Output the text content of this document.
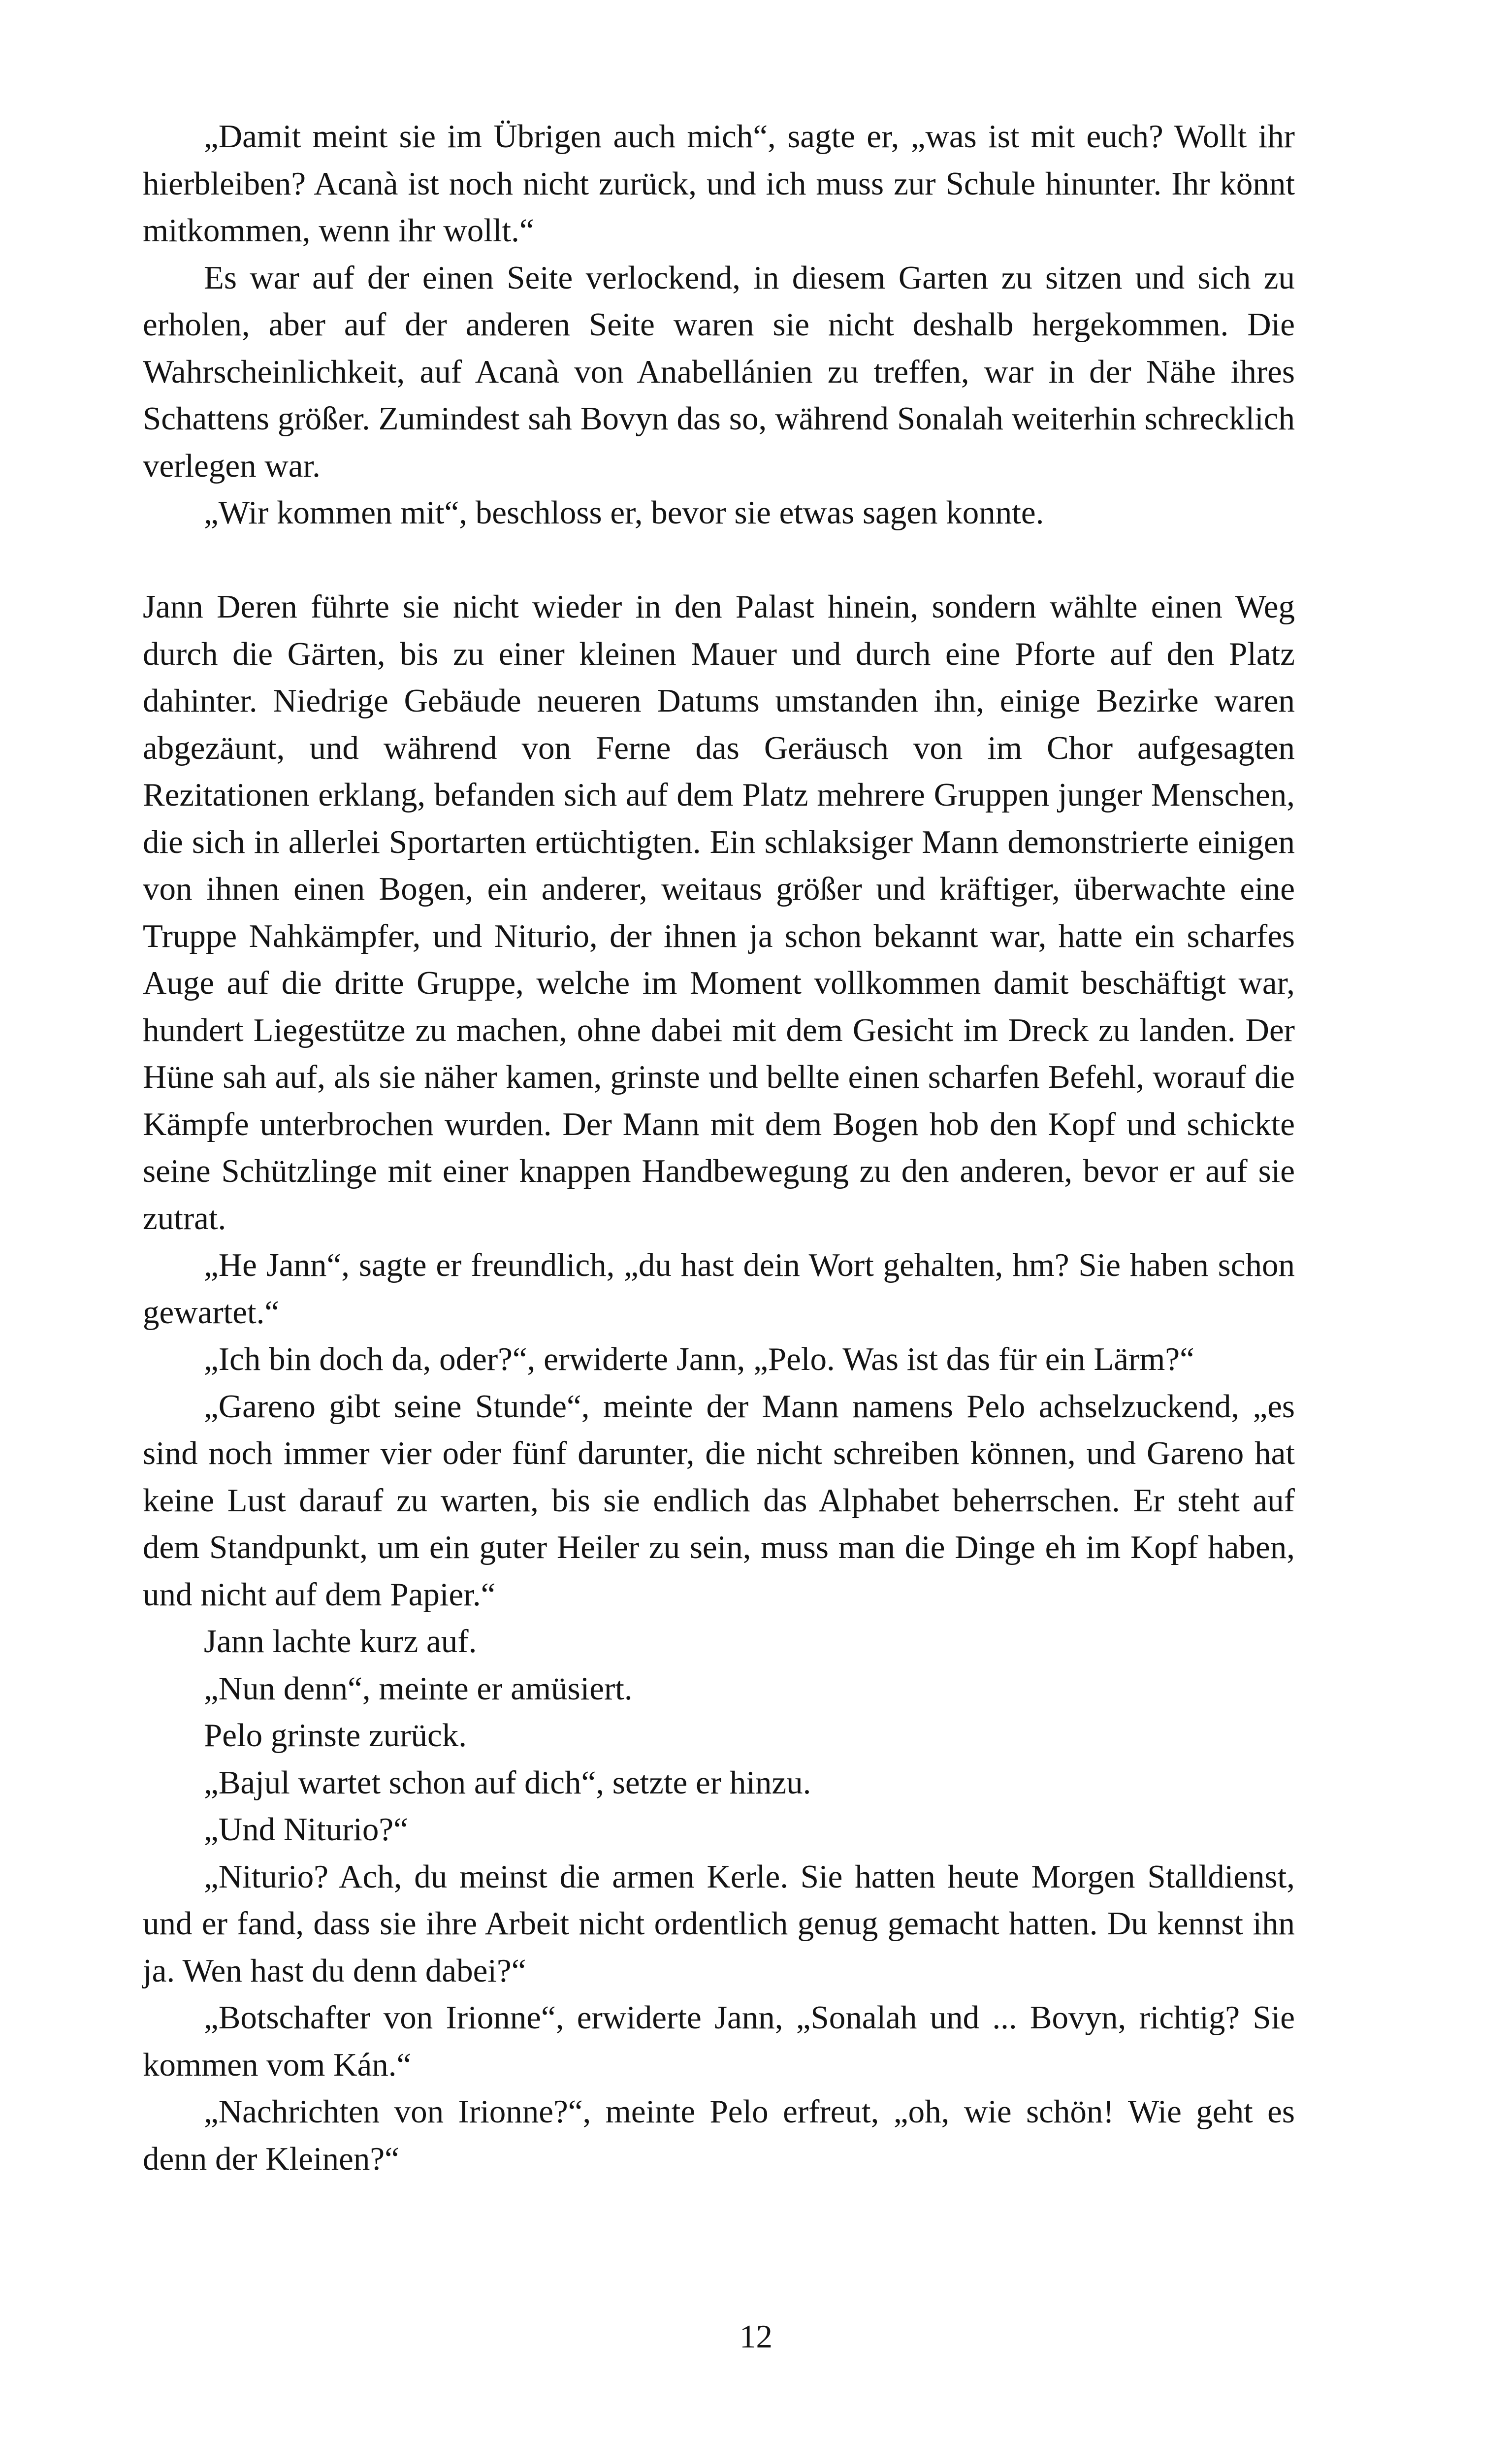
„Damit meint sie im Übrigen auch mich“, sagte er, „was ist mit euch? Wollt ihr hierbleiben? Acanà ist noch nicht zurück, und ich muss zur Schule hinunter. Ihr könnt mitkommen, wenn ihr wollt.“

Es war auf der einen Seite verlockend, in diesem Garten zu sitzen und sich zu erholen, aber auf der anderen Seite waren sie nicht deshalb hergekommen. Die Wahrscheinlichkeit, auf Acanà von Anabellánien zu treffen, war in der Nähe ihres Schattens größer. Zumindest sah Bovyn das so, während Sonalah weiterhin schrecklich verlegen war.

„Wir kommen mit“, beschloss er, bevor sie etwas sagen konnte.

Jann Deren führte sie nicht wieder in den Palast hinein, sondern wählte einen Weg durch die Gärten, bis zu einer kleinen Mauer und durch eine Pforte auf den Platz dahinter. Niedrige Gebäude neueren Datums umstanden ihn, einige Bezirke waren abgezäunt, und während von Ferne das Geräusch von im Chor aufgesagten Rezitationen erklang, befanden sich auf dem Platz mehrere Gruppen junger Menschen, die sich in allerlei Sportarten ertüchtigten. Ein schlaksiger Mann demonstrierte einigen von ihnen einen Bogen, ein anderer, weitaus größer und kräftiger, überwachte eine Truppe Nahkämpfer, und Niturio, der ihnen ja schon bekannt war, hatte ein scharfes Auge auf die dritte Gruppe, welche im Moment vollkommen damit beschäftigt war, hundert Liegestütze zu machen, ohne dabei mit dem Gesicht im Dreck zu landen. Der Hüne sah auf, als sie näher kamen, grinste und bellte einen scharfen Befehl, worauf die Kämpfe unterbrochen wurden. Der Mann mit dem Bogen hob den Kopf und schickte seine Schützlinge mit einer knappen Handbewegung zu den anderen, bevor er auf sie zutrat.

„He Jann“, sagte er freundlich, „du hast dein Wort gehalten, hm? Sie haben schon gewartet.“

„Ich bin doch da, oder?“, erwiderte Jann, „Pelo. Was ist das für ein Lärm?“

„Gareno gibt seine Stunde“, meinte der Mann namens Pelo achselzuckend, „es sind noch immer vier oder fünf darunter, die nicht schreiben können, und Gareno hat keine Lust darauf zu warten, bis sie endlich das Alphabet beherrschen. Er steht auf dem Standpunkt, um ein guter Heiler zu sein, muss man die Dinge eh im Kopf haben, und nicht auf dem Papier.“

Jann lachte kurz auf.

„Nun denn“, meinte er amüsiert.

Pelo grinste zurück.

„Bajul wartet schon auf dich“, setzte er hinzu.

„Und Niturio?“

„Niturio? Ach, du meinst die armen Kerle. Sie hatten heute Morgen Stalldienst, und er fand, dass sie ihre Arbeit nicht ordentlich genug gemacht hatten. Du kennst ihn ja. Wen hast du denn dabei?“

„Botschafter von Irionne“, erwiderte Jann, „Sonalah und ... Bovyn, richtig? Sie kommen vom Kán.“

„Nachrichten von Irionne?“, meinte Pelo erfreut, „oh, wie schön! Wie geht es denn der Kleinen?“

12
